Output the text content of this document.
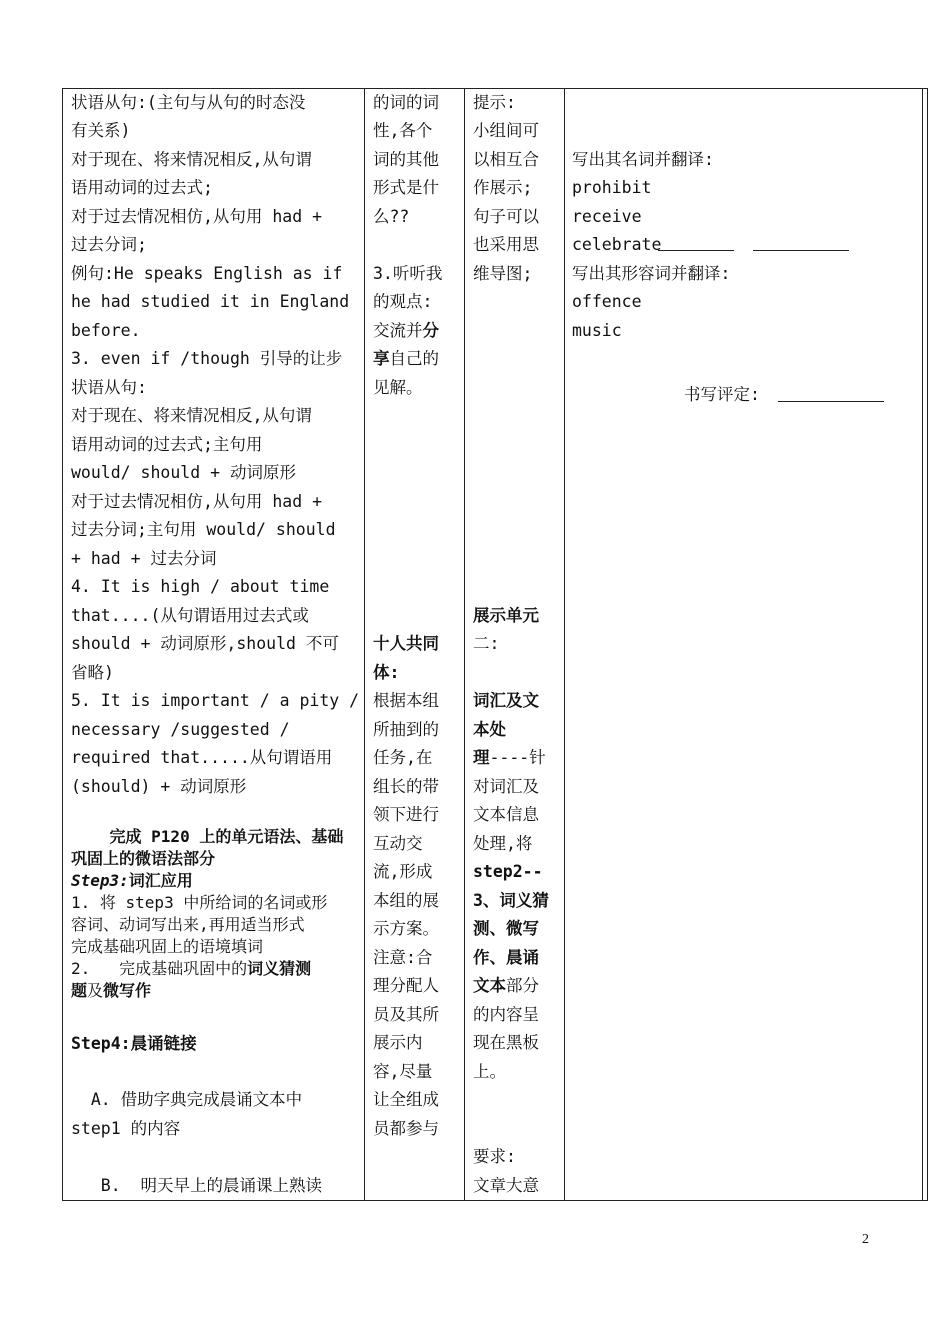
状语从句:(主句与从句的时态没
有关系)
对于现在、将来情况相反,从句谓
语用动词的过去式;
对于过去情况相仿,从句用 had +
过去分词;
例句:He speaks English as if
he had studied it in England
before.
3. even if /though 引导的让步
状语从句:
对于现在、将来情况相反,从句谓
语用动词的过去式;主句用
would/ should + 动词原形
对于过去情况相仿,从句用 had +
过去分词;主句用 would/ should
+ had + 过去分词
4. It is high / about time
that....(从句谓语用过去式或
should + 动词原形,should 不可
省略)
5. It is important / a pity /
necessary /suggested /
required that.....从句谓语用
(should) + 动词原形
完成 P120 上的单元语法、基础
巩固上的微语法部分
Step3:词汇应用
1. 将 step3 中所给词的名词或形
容词、动词写出来,再用适当形式
完成基础巩固上的语境填词
2.   完成基础巩固中的词义猜测
题及微写作
Step4:晨诵链接
A. 借助字典完成晨诵文本中
step1 的内容
B.  明天早上的晨诵课上熟读
的词的词
性,各个
词的其他
形式是什
么??
3.听听我
的观点:
交流并分
享自己的
见解。
十人共同
体:
根据本组
所抽到的
任务,在
组长的带
领下进行
互动交
流,形成
本组的展
示方案。
注意:合
理分配人
员及其所
展示内
容,尽量
让全组成
员都参与
提示:
小组间可
以相互合
作展示;
句子可以
也采用思
维导图;
展示单元
二:
词汇及文
本处
理----针
对词汇及
文本信息
处理,将
step2--
3、词义猜
测、微写
作、晨诵
文本部分
的内容呈
现在黑板
上。
要求:
文章大意
写出其名词并翻译:
prohibit
receive
celebrate
写出其形容词并翻译:
offence
music
书写评定:
2
